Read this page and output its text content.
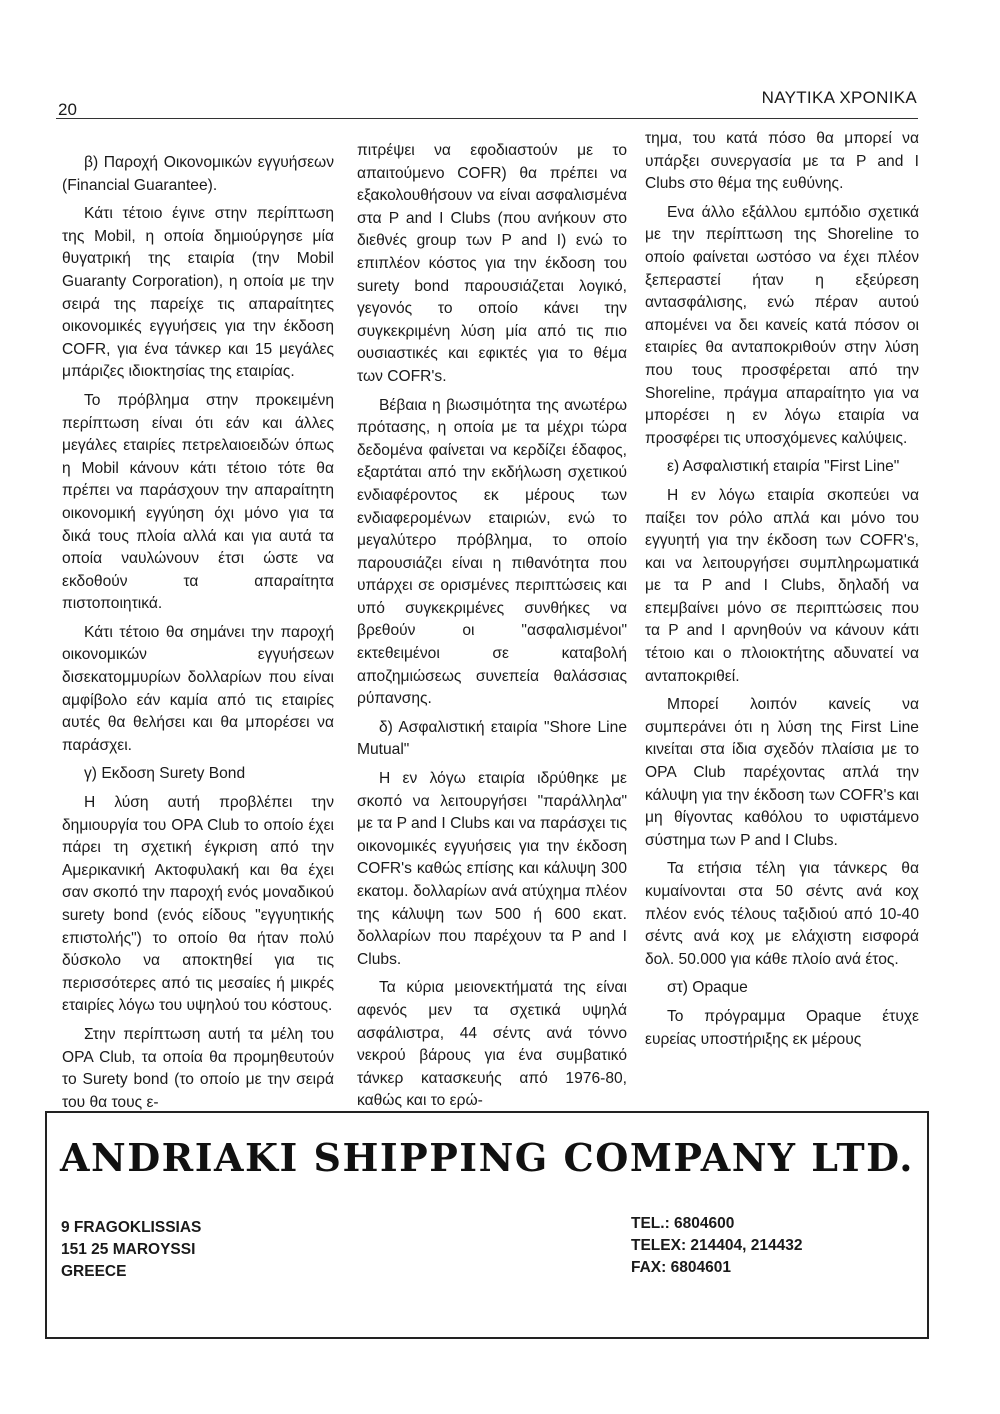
20
ΝΑΥΤΙΚΑ ΧΡΟΝΙΚΑ

β) Παροχή Οικονομικών εγγυήσεων (Financial Guarantee).

Κάτι τέτοιο έγινε στην περίπτωση της Mobil, η οποία δημιούργησε μία θυγατρική της εταιρία (την Mobil Guaranty Corporation), η οποία με την σειρά της παρείχε τις απαραίτητες οικονομικές εγγυήσεις για την έκδοση COFR, για ένα τάνκερ και 15 μεγάλες μπάριζες ιδιοκτησίας της εταιρίας.

Το πρόβλημα στην προκειμένη περίπτωση είναι ότι εάν και άλλες μεγάλες εταιρίες πετρελαιοειδών όπως η Mobil κάνουν κάτι τέτοιο τότε θα πρέπει να παράσχουν την απαραίτητη οικονομική εγγύηση όχι μόνο για τα δικά τους πλοία αλλά και για αυτά τα οποία ναυλώνουν έτσι ώστε να εκδοθούν τα απαραίτητα πιστοποιητικά.

Κάτι τέτοιο θα σημάνει την παροχή οικονομικών εγγυήσεων δισεκατομμυρίων δολλαρίων που είναι αμφίβολο εάν καμία από τις εταιρίες αυτές θα θελήσει και θα μπορέσει να παράσχει.

γ) Εκδοση Surety Bond

Η λύση αυτή προβλέπει την δημιουργία του OPA Club το οποίο έχει πάρει τη σχετική έγκριση από την Αμερικανική Ακτοφυλακή και θα έχει σαν σκοπό την παροχή ενός μοναδικού surety bond (ενός είδους "εγγυητικής επιστολής") το οποίο θα ήταν πολύ δύσκολο να αποκτηθεί για τις περισσότερες από τις μεσαίες ή μικρές εταιρίες λόγω του υψηλού του κόστους.

Στην περίπτωση αυτή τα μέλη του OPA Club, τα οποία θα προμηθευτούν το Surety bond (το οποίο με την σειρά του θα τους ε-

πιτρέψει να εφοδιαστούν με το απαιτούμενο COFR) θα πρέπει να εξακολουθήσουν να είναι ασφαλισμένα στα P and I Clubs (που ανήκουν στο διεθνές group των P and I) ενώ το επιπλέον κόστος για την έκδοση του surety bond παρουσιάζεται λογικό, γεγονός το οποίο κάνει την συγκεκριμένη λύση μία από τις πιο ουσιαστικές και εφικτές για το θέμα των COFR's.

Βέβαια η βιωσιμότητα της ανωτέρω πρότασης, η οποία με τα μέχρι τώρα δεδομένα φαίνεται να κερδίζει έδαφος, εξαρτάται από την εκδήλωση σχετικού ενδιαφέροντος εκ μέρους των ενδιαφερομένων εταιριών, ενώ το μεγαλύτερο πρόβλημα, το οποίο παρουσιάζει είναι η πιθανότητα που υπάρχει σε ορισμένες περιπτώσεις και υπό συγκεκριμένες συνθήκες να βρεθούν οι "ασφαλισμένοι" εκτεθειμένοι σε καταβολή αποζημιώσεως συνεπεία θαλάσσιας ρύπανσης.

δ) Ασφαλιστική εταιρία "Shore Line Mutual"

Η εν λόγω εταιρία ιδρύθηκε με σκοπό να λειτουργήσει "παράλληλα" με τα P and I Clubs και να παράσχει τις οικονομικές εγγυήσεις για την έκδοση COFR's καθώς επίσης και κάλυψη 300 εκατομ. δολλαρίων ανά ατύχημα πλέον της κάλυψη των 500 ή 600 εκατ. δολλαρίων που παρέχουν τα P and I Clubs.

Τα κύρια μειονεκτήματά της είναι αφενός μεν τα σχετικά υψηλά ασφάλιστρα, 44 σέντς ανά τόννο νεκρού βάρους για ένα συμβατικό τάνκερ κατασκευής από 1976-80, καθώς και το ερώ-

τημα, του κατά πόσο θα μπορεί να υπάρξει συνεργασία με τα P and I Clubs στο θέμα της ευθύνης.

Ενα άλλο εξάλλου εμπόδιο σχετικά με την περίπτωση της Shoreline το οποίο φαίνεται ωστόσο να έχει πλέον ξεπεραστεί ήταν η εξεύρεση αντασφάλισης, ενώ πέραν αυτού απομένει να δει κανείς κατά πόσον οι εταιρίες θα ανταποκριθούν στην λύση που τους προσφέρεται από την Shoreline, πράγμα απαραίτητο για να μπορέσει η εν λόγω εταιρία να προσφέρει τις υποσχόμενες καλύψεις.

ε) Ασφαλιστική εταιρία "First Line"

Η εν λόγω εταιρία σκοπεύει να παίξει τον ρόλο απλά και μόνο του εγγυητή για την έκδοση των COFR's, και να λειτουργήσει συμπληρωματικά με τα P and I Clubs, δηλαδή να επεμβαίνει μόνο σε περιπτώσεις που τα P and I αρνηθούν να κάνουν κάτι τέτοιο και ο πλοιοκτήτης αδυνατεί να ανταποκριθεί.

Μπορεί λοιπόν κανείς να συμπεράνει ότι η λύση της First Line κινείται στα ίδια σχεδόν πλαίσια με το OPA Club παρέχοντας απλά την κάλυψη για την έκδοση των COFR's και μη θίγοντας καθόλου το υφιστάμενο σύστημα των P and I Clubs.

Τα ετήσια τέλη για τάνκερς θα κυμαίνονται στα 50 σέντς ανά κοχ πλέον ενός τέλους ταξιδιού από 10-40 σέντς ανά κοχ με ελάχιστη εισφορά δολ. 50.000 για κάθε πλοίο ανά έτος.

στ) Opaque

Το πρόγραμμα Opaque έτυχε ευρείας υποστήριξης εκ μέρους

ANDRIAKI SHIPPING COMPANY LTD.
9 FRAGOKLISSIAS
151 25 MAROYSSI
GREECE
TEL.: 6804600
TELEX: 214404, 214432
FAX: 6804601
